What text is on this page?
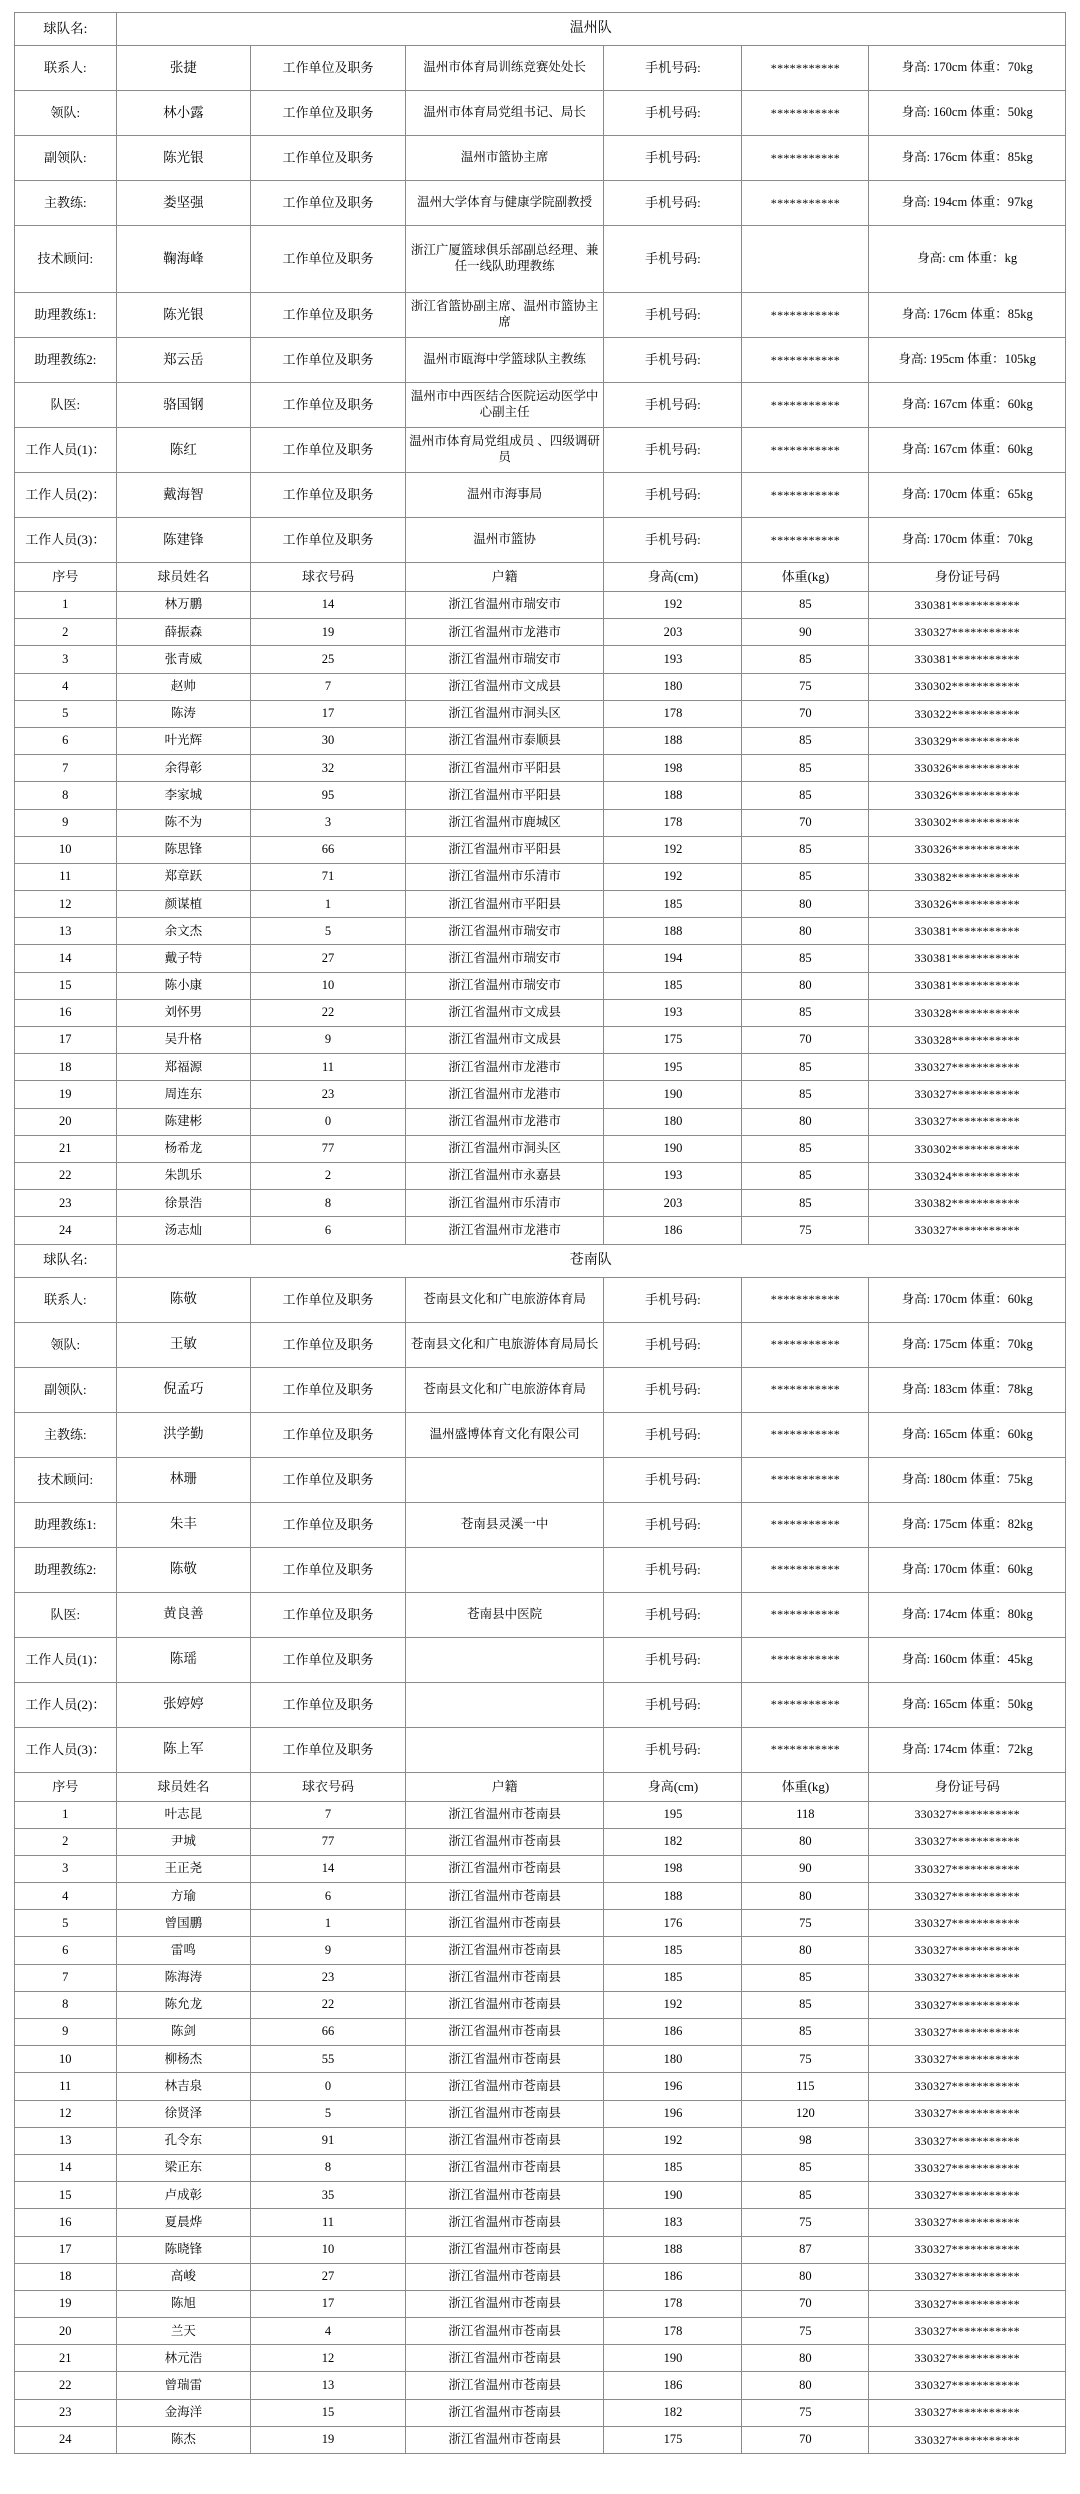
球队名:	温州队					
联系人:	张捷	工作单位及职务	温州市体育局训练竞赛处处长	手机号码:	***********	身高: 170cm 体重：70kg
领队:	林小露	工作单位及职务	温州市体育局党组书记、局长	手机号码:	***********	身高: 160cm 体重：50kg
副领队:	陈光银	工作单位及职务	温州市篮协主席	手机号码:	***********	身高: 176cm 体重：85kg
主教练:	娄坚强	工作单位及职务	温州大学体育与健康学院副教授	手机号码:	***********	身高: 194cm 体重：97kg
技术顾问:	鞠海峰	工作单位及职务	浙江广厦篮球俱乐部副总经理、兼任一线队助理教练	手机号码:		身高: cm 体重：kg
助理教练1:	陈光银	工作单位及职务	浙江省篮协副主席、温州市篮协主席	手机号码:	***********	身高: 176cm 体重：85kg
助理教练2:	郑云岳	工作单位及职务	温州市瓯海中学篮球队主教练	手机号码:	***********	身高: 195cm 体重：105kg
队医:	骆国钢	工作单位及职务	温州市中西医结合医院运动医学中心副主任	手机号码:	***********	身高: 167cm 体重：60kg
工作人员(1)：	陈红	工作单位及职务	温州市体育局党组成员 、四级调研员	手机号码:	***********	身高: 167cm 体重：60kg
工作人员(2)：	戴海智	工作单位及职务	温州市海事局	手机号码:	***********	身高: 170cm 体重：65kg
工作人员(3)：	陈建锋	工作单位及职务	温州市篮协	手机号码:	***********	身高: 170cm 体重：70kg
序号	球员姓名	球衣号码	户籍	身高(cm)	体重(kg)	身份证号码
1	林万鹏	14	浙江省温州市瑞安市	192	85	330381***********
2	薛振森	19	浙江省温州市龙港市	203	90	330327***********
3	张青威	25	浙江省温州市瑞安市	193	85	330381***********
4	赵帅	7	浙江省温州市文成县	180	75	330302***********
5	陈涛	17	浙江省温州市洞头区	178	70	330322***********
6	叶光辉	30	浙江省温州市泰顺县	188	85	330329***********
7	余得彰	32	浙江省温州市平阳县	198	85	330326***********
8	李家城	95	浙江省温州市平阳县	188	85	330326***********
9	陈不为	3	浙江省温州市鹿城区	178	70	330302***********
10	陈思锋	66	浙江省温州市平阳县	192	85	330326***********
11	郑章跃	71	浙江省温州市乐清市	192	85	330382***********
12	颜谋植	1	浙江省温州市平阳县	185	80	330326***********
13	余文杰	5	浙江省温州市瑞安市	188	80	330381***********
14	戴子特	27	浙江省温州市瑞安市	194	85	330381***********
15	陈小康	10	浙江省温州市瑞安市	185	80	330381***********
16	刘怀男	22	浙江省温州市文成县	193	85	330328***********
17	吴升格	9	浙江省温州市文成县	175	70	330328***********
18	郑福源	11	浙江省温州市龙港市	195	85	330327***********
19	周连东	23	浙江省温州市龙港市	190	85	330327***********
20	陈建彬	0	浙江省温州市龙港市	180	80	330327***********
21	杨希龙	77	浙江省温州市洞头区	190	85	330302***********
22	朱凯乐	2	浙江省温州市永嘉县	193	85	330324***********
23	徐景浩	8	浙江省温州市乐清市	203	85	330382***********
24	汤志灿	6	浙江省温州市龙港市	186	75	330327***********
球队名:	苍南队					
联系人:	陈敬	工作单位及职务	苍南县文化和广电旅游体育局	手机号码:	***********	身高: 170cm 体重：60kg
领队:	王敏	工作单位及职务	苍南县文化和广电旅游体育局局长	手机号码:	***********	身高: 175cm 体重：70kg
副领队:	倪孟巧	工作单位及职务	苍南县文化和广电旅游体育局	手机号码:	***********	身高: 183cm 体重：78kg
主教练:	洪学勤	工作单位及职务	温州盛博体育文化有限公司	手机号码:	***********	身高: 165cm 体重：60kg
技术顾问:	林珊	工作单位及职务		手机号码:	***********	身高: 180cm 体重：75kg
助理教练1:	朱丰	工作单位及职务	苍南县灵溪一中	手机号码:	***********	身高: 175cm 体重：82kg
助理教练2:	陈敬	工作单位及职务		手机号码:	***********	身高: 170cm 体重：60kg
队医:	黄良善	工作单位及职务	苍南县中医院	手机号码:	***********	身高: 174cm 体重：80kg
工作人员(1)：	陈瑶	工作单位及职务		手机号码:	***********	身高: 160cm 体重：45kg
工作人员(2)：	张婷婷	工作单位及职务		手机号码:	***********	身高: 165cm 体重：50kg
工作人员(3)：	陈上军	工作单位及职务		手机号码:	***********	身高: 174cm 体重：72kg
序号	球员姓名	球衣号码	户籍	身高(cm)	体重(kg)	身份证号码
1	叶志昆	7	浙江省温州市苍南县	195	118	330327***********
2	尹城	77	浙江省温州市苍南县	182	80	330327***********
3	王正尧	14	浙江省温州市苍南县	198	90	330327***********
4	方瑜	6	浙江省温州市苍南县	188	80	330327***********
5	曾国鹏	1	浙江省温州市苍南县	176	75	330327***********
6	雷鸣	9	浙江省温州市苍南县	185	80	330327***********
7	陈海涛	23	浙江省温州市苍南县	185	85	330327***********
8	陈允龙	22	浙江省温州市苍南县	192	85	330327***********
9	陈剑	66	浙江省温州市苍南县	186	85	330327***********
10	柳杨杰	55	浙江省温州市苍南县	180	75	330327***********
11	林吉泉	0	浙江省温州市苍南县	196	115	330327***********
12	徐贤泽	5	浙江省温州市苍南县	196	120	330327***********
13	孔令东	91	浙江省温州市苍南县	192	98	330327***********
14	梁正东	8	浙江省温州市苍南县	185	85	330327***********
15	卢成彰	35	浙江省温州市苍南县	190	85	330327***********
16	夏晨烨	11	浙江省温州市苍南县	183	75	330327***********
17	陈晓锋	10	浙江省温州市苍南县	188	87	330327***********
18	高峻	27	浙江省温州市苍南县	186	80	330327***********
19	陈旭	17	浙江省温州市苍南县	178	70	330327***********
20	兰天	4	浙江省温州市苍南县	178	75	330327***********
21	林元浩	12	浙江省温州市苍南县	190	80	330327***********
22	曾瑞雷	13	浙江省温州市苍南县	186	80	330327***********
23	金海洋	15	浙江省温州市苍南县	182	75	330327***********
24	陈杰	19	浙江省温州市苍南县	175	70	330327***********
